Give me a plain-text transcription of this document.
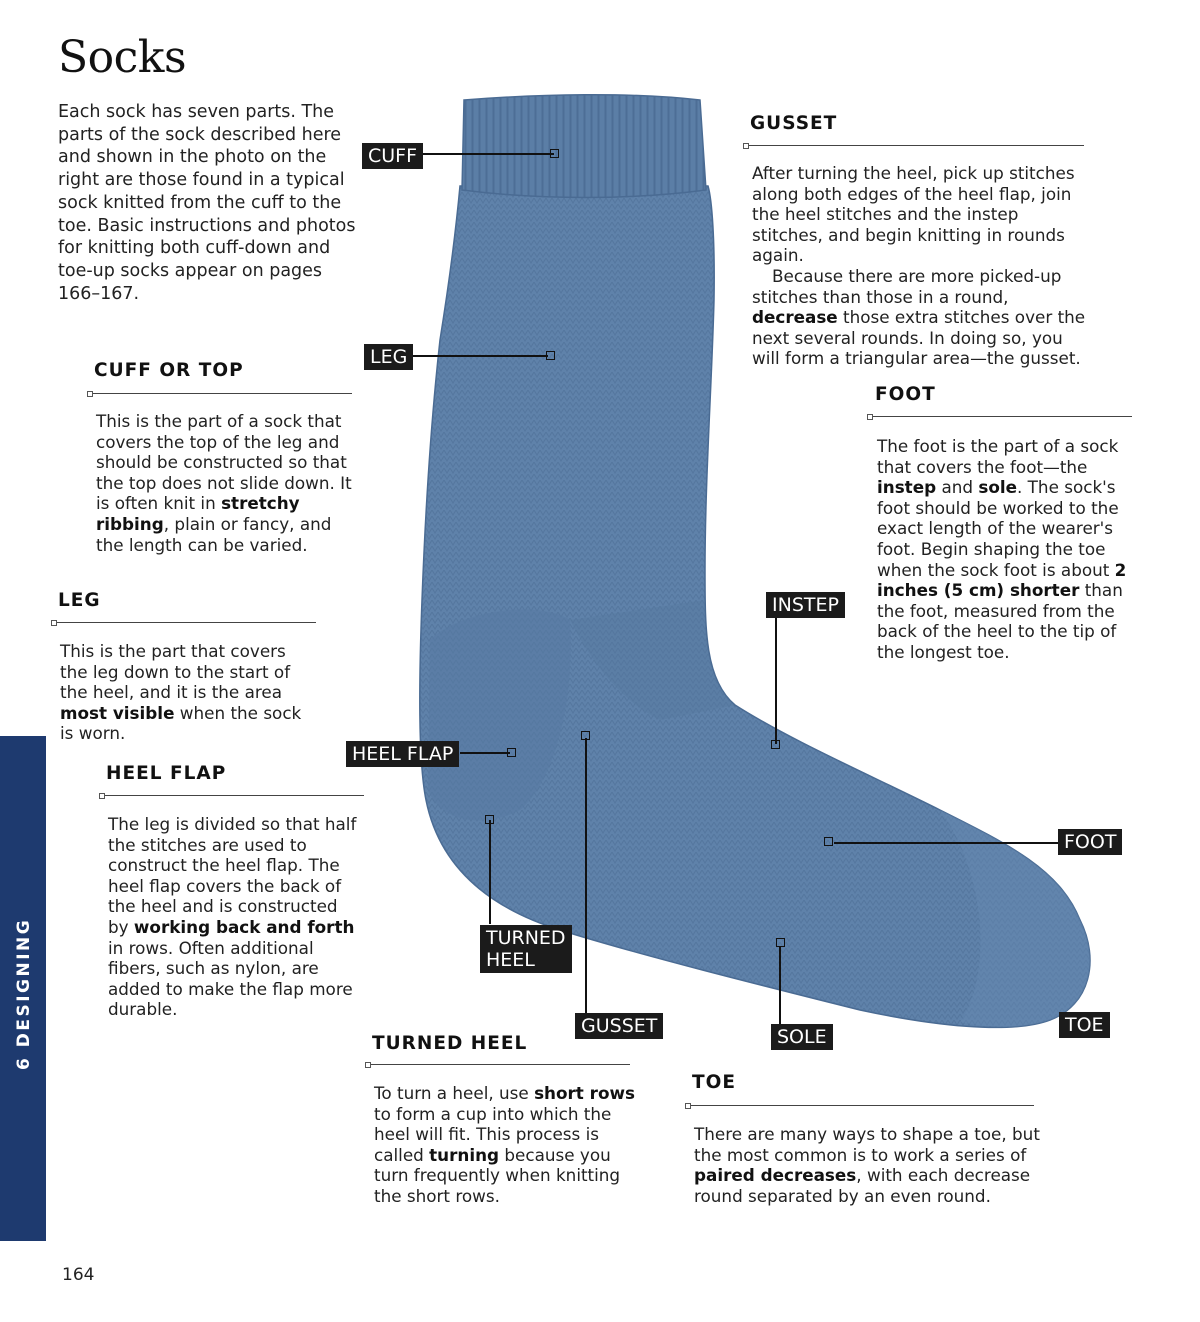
Socks
Each sock has seven parts. The parts of the sock described here and shown in the photo on the right are those found in a typical sock knitted from the cuff to the toe. Basic instructions and photos for knitting both cuff-down and toe-up socks appear on pages 166–167.
6 DESIGNING
164
CUFF
LEG
INSTEP
HEEL FLAP
TURNED HEEL
GUSSET	SOLE
FOOT
TOE
CUFF OR TOP
This is the part of a sock that covers the top of the leg and should be constructed so that the top does not slide down. It is often knit in stretchy ribbing, plain or fancy, and the length can be varied.
LEG
This is the part that covers the leg down to the start of the heel, and it is the area most visible when the sock is worn.
HEEL FLAP
The leg is divided so that half the stitches are used to construct the heel flap. The heel flap covers the back of the heel and is constructed by working back and forth in rows. Often additional fibers, such as nylon, are added to make the flap more durable.
TURNED HEEL
To turn a heel, use short rows to form a cup into which the heel will fit. This process is called turning because you turn frequently when knitting the short rows.
GUSSET
After turning the heel, pick up stitches along both edges of the heel flap, join the heel stitches and the instep stitches, and begin knitting in rounds again.
Because there are more picked-up stitches than those in a round, decrease those extra stitches over the next several rounds. In doing so, you will form a triangular area—the gusset.
FOOT
The foot is the part of a sock that covers the foot—the instep and sole. The sock's foot should be worked to the exact length of the wearer's foot. Begin shaping the toe when the sock foot is about 2 inches (5 cm) shorter than the foot, measured from the back of the heel to the tip of the longest toe.
TOE
There are many ways to shape a toe, but the most common is to work a series of paired decreases, with each decrease round separated by an even round.
